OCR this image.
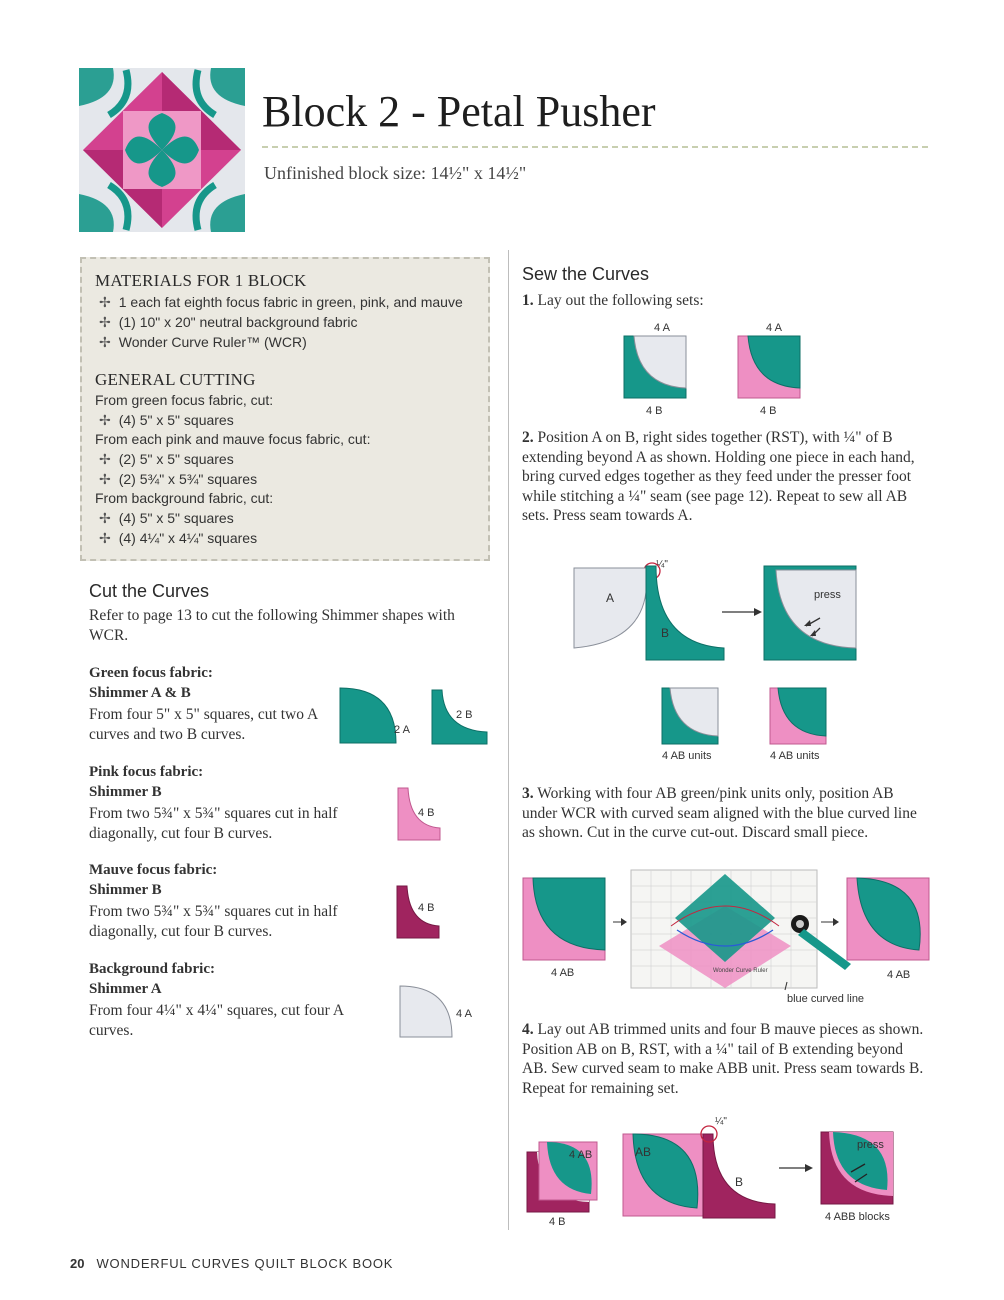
Block 2 - Petal Pusher
Unfinished block size: 14½" x 14½"
MATERIALS FOR 1 BLOCK
✢ 1 each fat eighth focus fabric in green, pink, and mauve
✢ (1) 10" x 20" neutral background fabric
✢ Wonder Curve Ruler™ (WCR)
GENERAL CUTTING
From green focus fabric, cut:
✢ (4) 5" x 5" squares
From each pink and mauve focus fabric, cut:
✢ (2) 5" x 5" squares
✢ (2) 5¾" x 5¾" squares
From background fabric, cut:
✢ (4) 5" x 5" squares
✢ (4) 4¼" x 4¼" squares
Cut the Curves
Refer to page 13 to cut the following Shimmer shapes with WCR.
Green focus fabric:
Shimmer A & B
From four 5" x 5" squares, cut two A curves and two B curves.	2 A
2 B
Pink focus fabric:
Shimmer B
From two 5¾" x 5¾" squares cut in half diagonally, cut four B curves.
4 B
Mauve focus fabric:
Shimmer B
From two 5¾" x 5¾" squares cut in half diagonally, cut four B curves.
4 B
Background fabric:
Shimmer A
From four 4¼" x 4¼" squares, cut four A curves.
4 A
Sew the Curves
1. Lay out the following sets:
4 A
4 B
4 A
4 B
2. Position A on B, right sides together (RST), with ¼" of B extending beyond A as shown. Holding one piece in each hand, bring curved edges together as they feed under the presser foot while stitching a ¼" seam (see page 12). Repeat to sew all AB sets. Press seam towards A.
¼"
A
B
press
4 AB units	4 AB units
3. Working with four AB green/pink units only, position AB under WCR with curved seam aligned with the blue curved line as shown. Cut in the curve cut-out. Discard small piece.
4 AB	Wonder Curve Ruler	4 AB
blue curved line
4. Lay out AB trimmed units and four B mauve pieces as shown. Position AB on B, RST, with a ¼" tail of B extending beyond AB. Sew curved seam to make ABB unit. Press seam towards B. Repeat for remaining set.
4 AB
4 B
¼"
AB
B
press
4 ABB blocks
20 WONDERFUL CURVES QUILT BLOCK BOOK
